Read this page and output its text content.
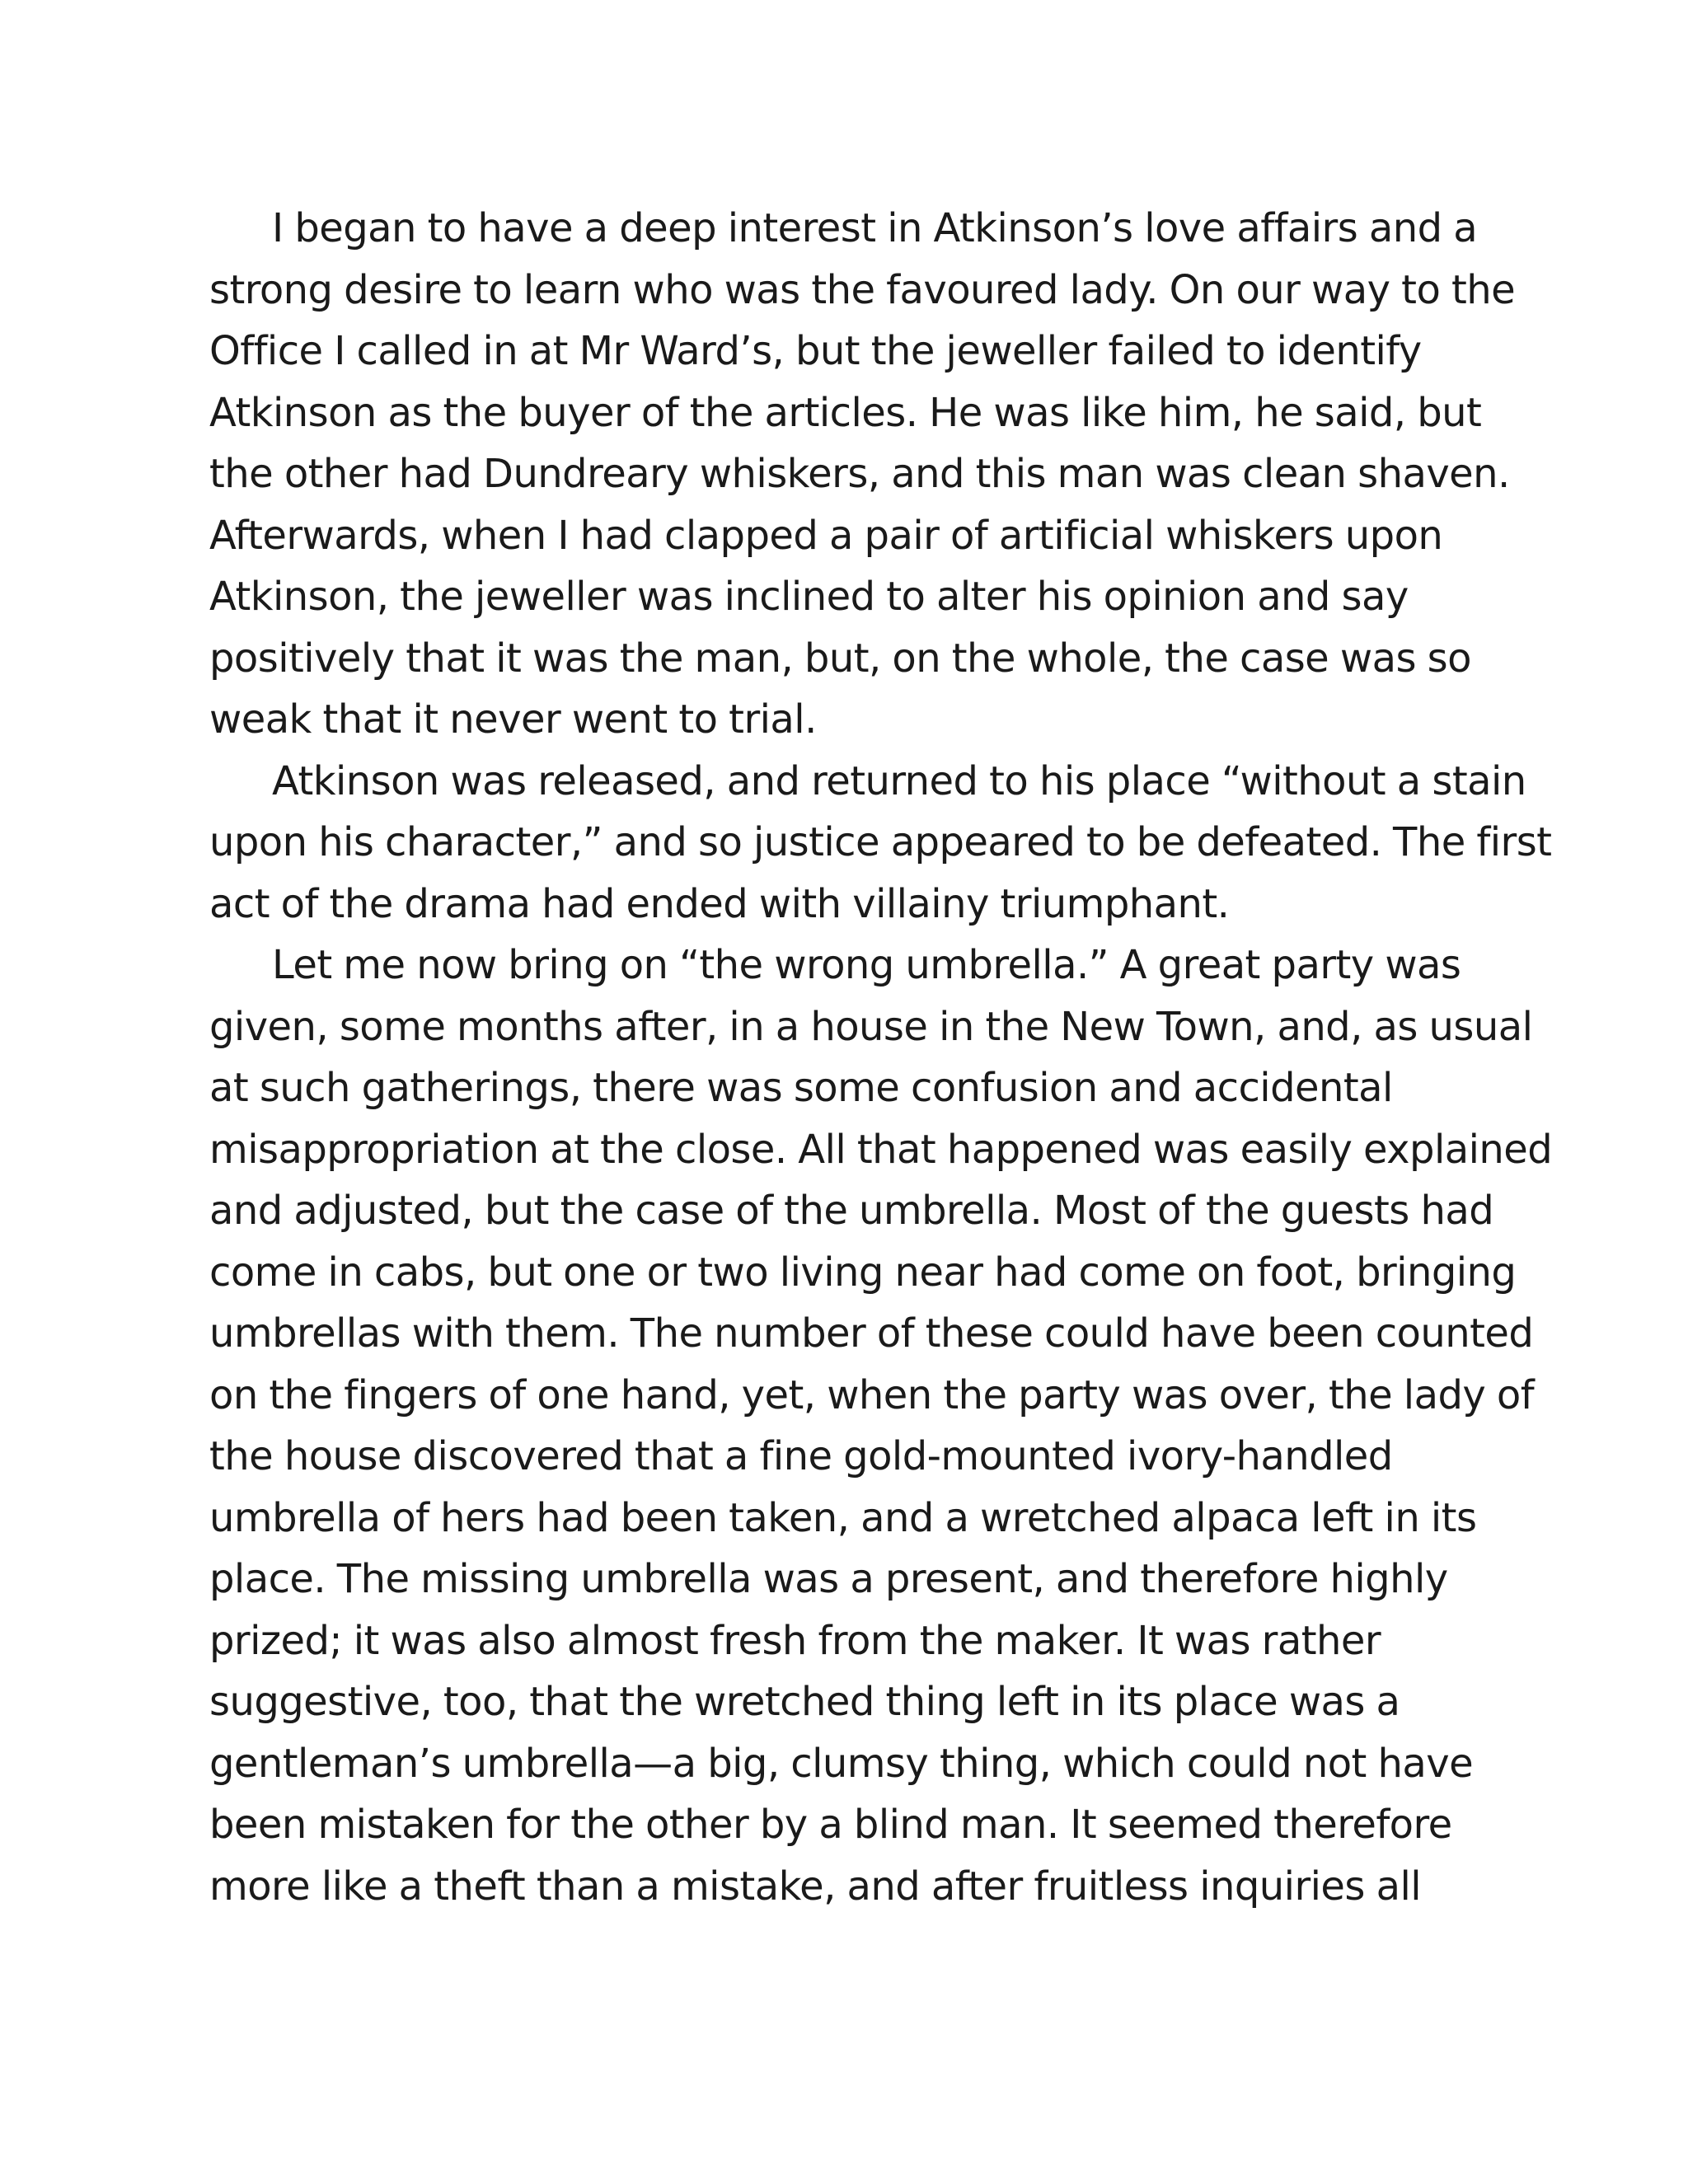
I began to have a deep interest in Atkinson’s love affairs and a
strong desire to learn who was the favoured lady. On our way to the
Office I called in at Mr Ward’s, but the jeweller failed to identify
Atkinson as the buyer of the articles. He was like him, he said, but
the other had Dundreary whiskers, and this man was clean shaven.
Afterwards, when I had clapped a pair of artificial whiskers upon
Atkinson, the jeweller was inclined to alter his opinion and say
positively that it was the man, but, on the whole, the case was so
weak that it never went to trial.
Atkinson was released, and returned to his place “without a stain
upon his character,” and so justice appeared to be defeated. The first
act of the drama had ended with villainy triumphant.
Let me now bring on “the wrong umbrella.” A great party was
given, some months after, in a house in the New Town, and, as usual
at such gatherings, there was some confusion and accidental
misappropriation at the close. All that happened was easily explained
and adjusted, but the case of the umbrella. Most of the guests had
come in cabs, but one or two living near had come on foot, bringing
umbrellas with them. The number of these could have been counted
on the fingers of one hand, yet, when the party was over, the lady of
the house discovered that a fine gold-mounted ivory-handled
umbrella of hers had been taken, and a wretched alpaca left in its
place. The missing umbrella was a present, and therefore highly
prized; it was also almost fresh from the maker. It was rather
suggestive, too, that the wretched thing left in its place was a
gentleman’s umbrella—a big, clumsy thing, which could not have
been mistaken for the other by a blind man. It seemed therefore
more like a theft than a mistake, and after fruitless inquiries all
